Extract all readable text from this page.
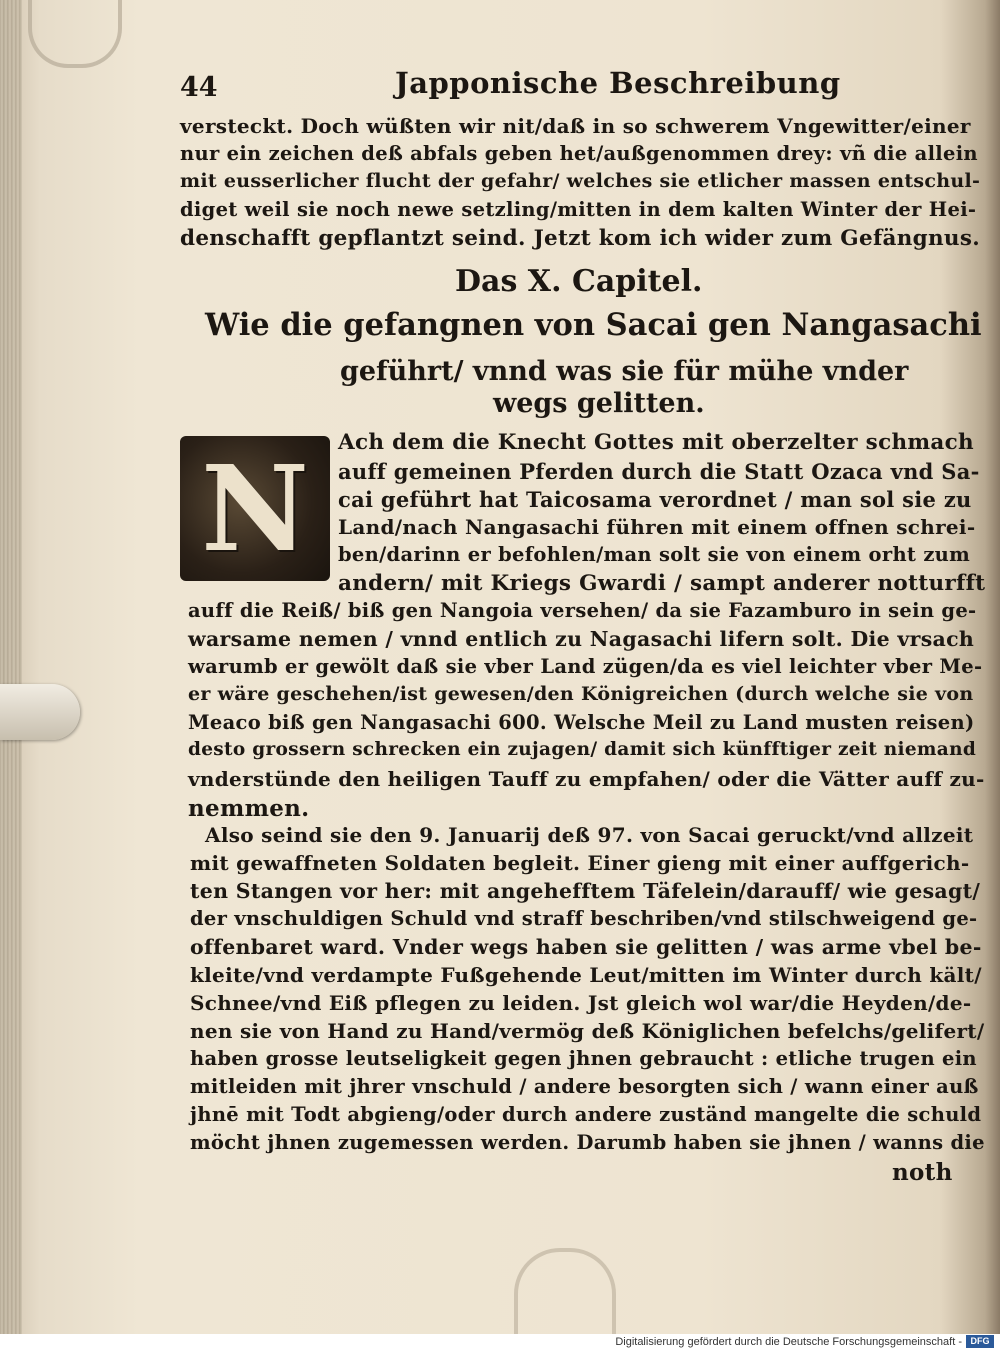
44	Japponische Beschreibung
versteckt. Doch wüßten wir nit/daß in so schwerem Vngewitter/einer
nur ein zeichen deß abfals geben het/außgenommen drey: vñ die allein
mit eusserlicher flucht der gefahr/ welches sie etlicher massen entschul-
diget weil sie noch newe setzling/mitten in dem kalten Winter der Hei-
denschafft gepflantzt seind. Jetzt kom ich wider zum Gefängnus.
Das X. Capitel.
Wie die gefangnen von Sacai gen Nangasachi
geführt/ vnnd was sie für mühe vnder
wegs gelitten.
N Ach dem die Knecht Gottes mit oberzelter schmach
auff gemeinen Pferden durch die Statt Ozaca vnd Sa-
cai geführt hat Taicosama verordnet / man sol sie zu
Land/nach Nangasachi führen mit einem offnen schrei-
ben/darinn er befohlen/man solt sie von einem orht zum
andern/ mit Kriegs Gwardi / sampt anderer notturfft
auff die Reiß/ biß gen Nangoia versehen/ da sie Fazamburo in sein ge-
warsame nemen / vnnd entlich zu Nagasachi lifern solt. Die vrsach
warumb er gewölt daß sie vber Land zügen/da es viel leichter vber Me-
er wäre geschehen/ist gewesen/den Königreichen (durch welche sie von
Meaco biß gen Nangasachi 600. Welsche Meil zu Land musten reisen)
desto grossern schrecken ein zujagen/ damit sich künfftiger zeit niemand
vnderstünde den heiligen Tauff zu empfahen/ oder die Vätter auff zu-
nemmen.
Also seind sie den 9. Januarij deß 97. von Sacai geruckt/vnd allzeit
mit gewaffneten Soldaten begleit. Einer gieng mit einer auffgerich-
ten Stangen vor her: mit angehefftem Täfelein/darauff/ wie gesagt/
der vnschuldigen Schuld vnd straff beschriben/vnd stilschweigend ge-
offenbaret ward. Vnder wegs haben sie gelitten / was arme vbel be-
kleite/vnd verdampte Fußgehende Leut/mitten im Winter durch kält/
Schnee/vnd Eiß pflegen zu leiden. Jst gleich wol war/die Heyden/de-
nen sie von Hand zu Hand/vermög deß Königlichen befelchs/gelifert/
haben grosse leutseligkeit gegen jhnen gebraucht : etliche trugen ein
mitleiden mit jhrer vnschuld / andere besorgten sich / wann einer auß
jhnē mit Todt abgieng/oder durch andere zuständ mangelte die schuld
möcht jhnen zugemessen werden. Darumb haben sie jhnen / wanns die
noth
Digitalisierung gefördert durch die Deutsche Forschungsgemeinschaft - DFG
